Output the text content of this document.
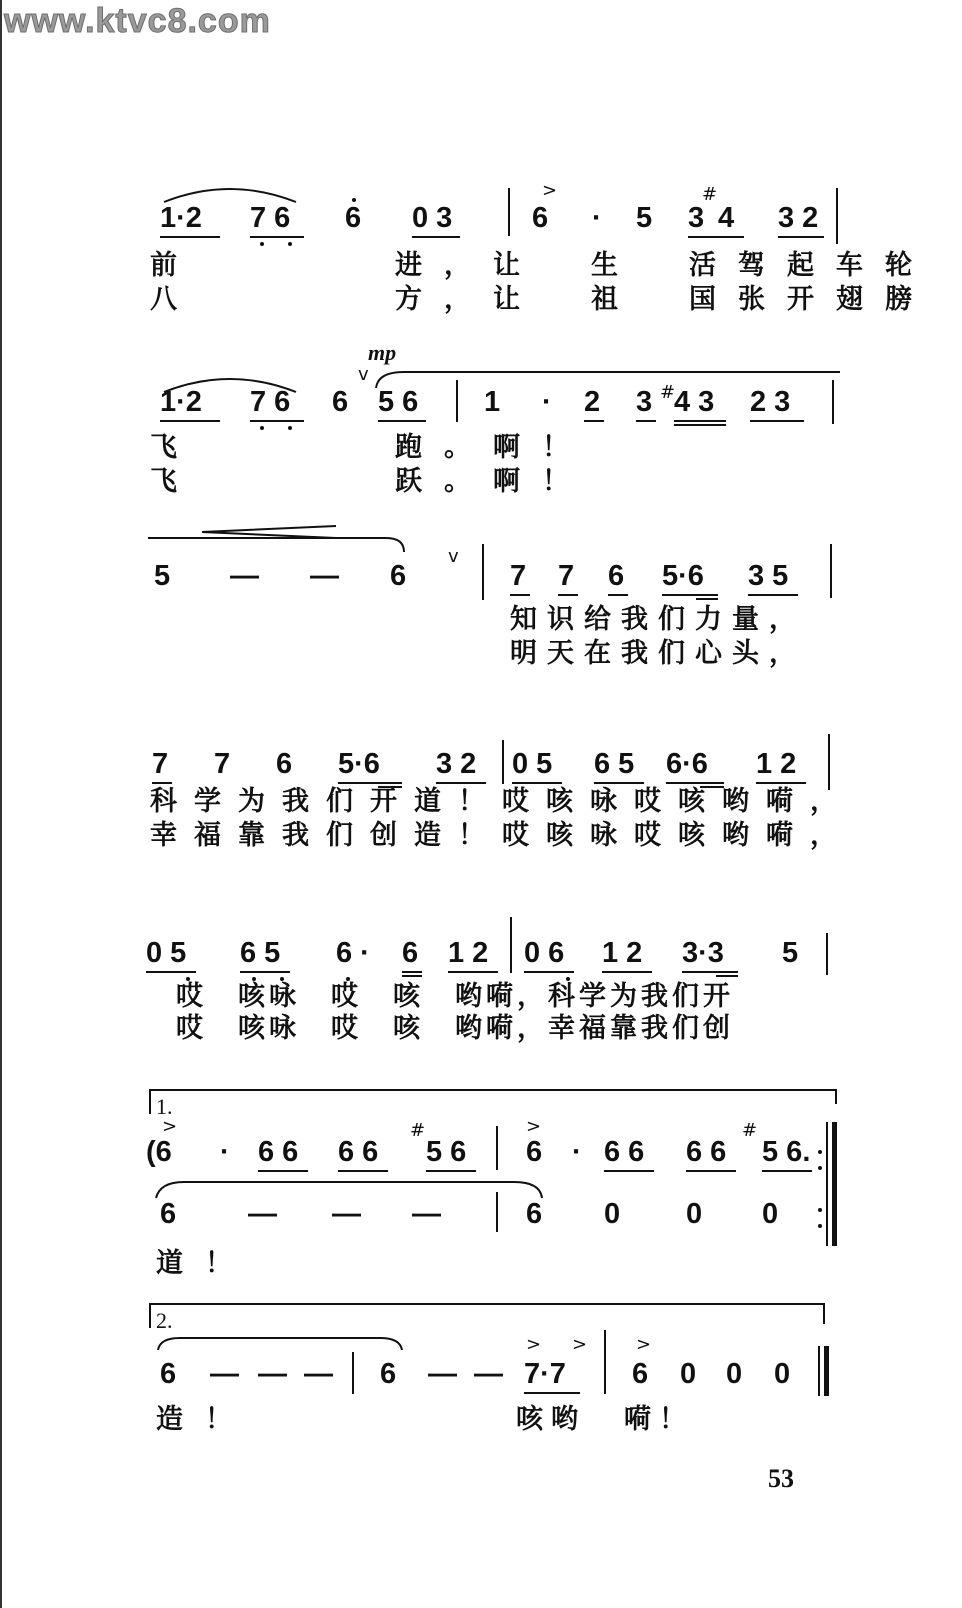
www.ktvc8.com
>	#
1·2 7 6 6 0 3	6 · 5 3 4 3 2
前　　　　进，让　生　活驾起车轮
八　　　　方，让　祖　国张开翅膀
mp
v
#
1·2 7 6 6 5 6 1 · 2 3 4 3 2 3
飞　　　　跑。啊！
飞　　　　跃。啊！
v
5 — — 6	7 7 6 5·6 3 5
知识给我们力量，
明天在我们心头，
7 7 6 5·6 3 2 0 5 6 5 6·6 1 2
科学为我们开道！哎咳咏哎咳哟嗬，
幸福靠我们创造！哎咳咏哎咳哟嗬，
0 5 6 5 6 · 6 1 2 0 6 1 2 3·3 5
哎　咳咏　哎　咳　哟嗬，科学为我们开
哎　咳咏　哎　咳　哟嗬，幸福靠我们创
1.
>	#	>	#
(6 · 6 6 6 6 5 6 6 · 6 6 6 6 5 6.
6 — — —	6 0 0 0
道！
2.
> >	>
6 — — — 6 — — 7·7 6 0 0 0
造！	咳哟 嗬！
53
